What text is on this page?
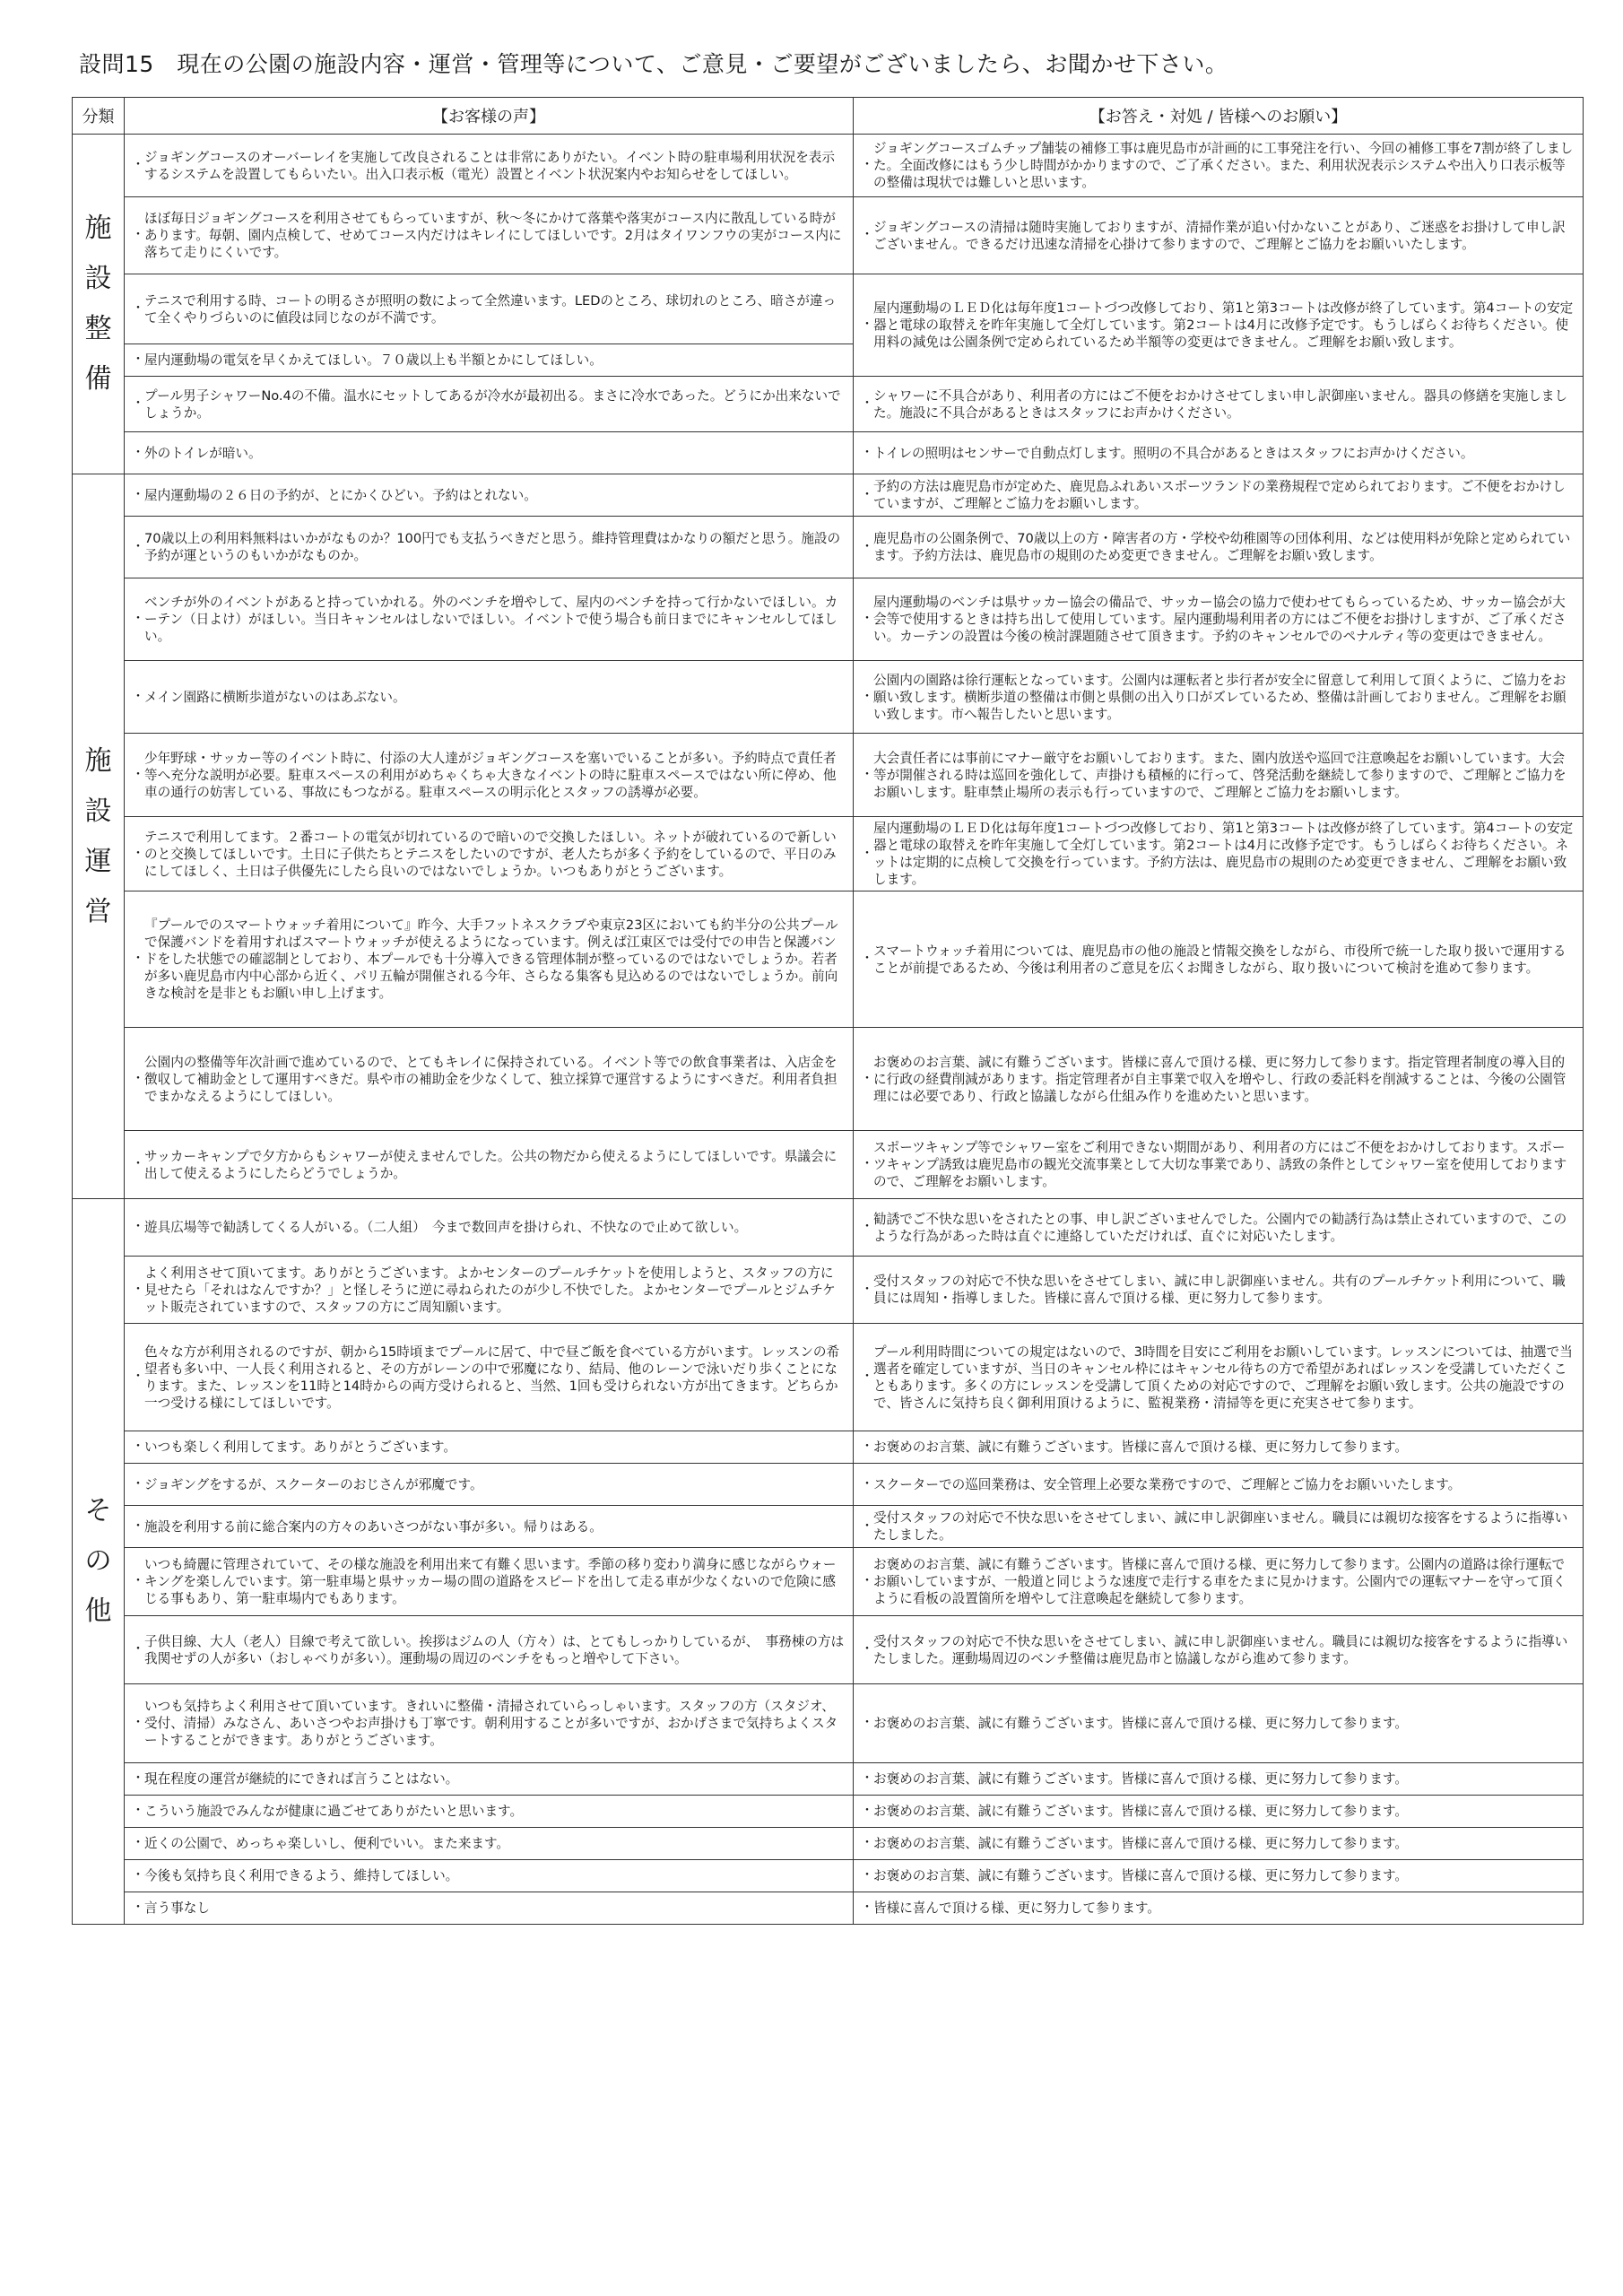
設問15　現在の公園の施設内容・運営・管理等について、ご意見・ご要望がございましたら、お聞かせ下さい。
分類	【お客様の声】	【お答え・対処 / 皆様へのお願い】

施設整備	・
ジョギングコースのオーバーレイを実施して改良されることは非常にありがたい。イベント時の駐車場利用状況を表示するシステムを設置してもらいたい。出入口表示板（電光）設置とイベント状況案内やお知らせをしてほしい。	・
ジョギングコースゴムチップ舗装の補修工事は鹿児島市が計画的に工事発注を行い、今回の補修工事を7割が終了しました。全面改修にはもう少し時間がかかりますので、ご了承ください。また、利用状況表示システムや出入り口表示板等の整備は現状では難しいと思います。

	・
ほぼ毎日ジョギングコースを利用させてもらっていますが、秋～冬にかけて落葉や落実がコース内に散乱している時があります。毎朝、園内点検して、せめてコース内だけはキレイにしてほしいです。2月はタイワンフウの実がコース内に落ちて走りにくいです。	・
ジョギングコースの清掃は随時実施しておりますが、清掃作業が追い付かないことがあり、ご迷惑をお掛けして申し訳ございません。できるだけ迅速な清掃を心掛けて参りますので、ご理解とご協力をお願いいたします。

	・
テニスで利用する時、コートの明るさが照明の数によって全然違います。LEDのところ、球切れのところ、暗さが違って全くやりづらいのに値段は同じなのが不満です。	・
屋内運動場のＬＥＤ化は毎年度1コートづつ改修しており、第1と第3コートは改修が終了しています。第4コートの安定器と電球の取替えを昨年実施して全灯しています。第2コートは4月に改修予定です。もうしばらくお待ちください。使用料の減免は公園条例で定められているため半額等の変更はできません。ご理解をお願い致します。

	・ 屋内運動場の電気を早くかえてほしい。７０歳以上も半額とかにしてほしい。	

	・
プール男子シャワーNo.4の不備。温水にセットしてあるが冷水が最初出る。まさに冷水であった。どうにか出来ないでしょうか。	・
シャワーに不具合があり、利用者の方にはご不便をおかけさせてしまい申し訳御座いません。器具の修繕を実施しました。施設に不具合があるときはスタッフにお声かけください。

	・ 外のトイレが暗い。	・ トイレの照明はセンサーで自動点灯します。照明の不具合があるときはスタッフにお声かけください。

施設運営	・ 屋内運動場の２６日の予約が、とにかくひどい。予約はとれない。	・
予約の方法は鹿児島市が定めた、鹿児島ふれあいスポーツランドの業務規程で定められております。ご不便をおかけしていますが、ご理解とご協力をお願いします。

	・
70歳以上の利用料無料はいかがなものか？100円でも支払うべきだと思う。維持管理費はかなりの額だと思う。施設の予約が運というのもいかがなものか。	・
鹿児島市の公園条例で、70歳以上の方・障害者の方・学校や幼稚園等の団体利用、などは使用料が免除と定められています。予約方法は、鹿児島市の規則のため変更できません。ご理解をお願い致します。

	・
ベンチが外のイベントがあると持っていかれる。外のベンチを増やして、屋内のベンチを持って行かないでほしい。カーテン（日よけ）がほしい。当日キャンセルはしないでほしい。イベントで使う場合も前日までにキャンセルしてほしい。	・
屋内運動場のベンチは県サッカー協会の備品で、サッカー協会の協力で使わせてもらっているため、サッカー協会が大会等で使用するときは持ち出して使用しています。屋内運動場利用者の方にはご不便をお掛けしますが、ご了承ください。カーテンの設置は今後の検討課題随させて頂きます。予約のキャンセルでのペナルティ等の変更はできません。

	・ メイン園路に横断歩道がないのはあぶない。	・
公園内の園路は徐行運転となっています。公園内は運転者と歩行者が安全に留意して利用して頂くように、ご協力をお願い致します。横断歩道の整備は市側と県側の出入り口がズレているため、整備は計画しておりません。ご理解をお願い致します。市へ報告したいと思います。

	・
少年野球・サッカー等のイベント時に、付添の大人達がジョギングコースを塞いでいることが多い。予約時点で責任者等へ充分な説明が必要。駐車スペースの利用がめちゃくちゃ大きなイベントの時に駐車スペースではない所に停め、他車の通行の妨害している、事故にもつながる。駐車スペースの明示化とスタッフの誘導が必要。	・
大会責任者には事前にマナー厳守をお願いしております。また、園内放送や巡回で注意喚起をお願いしています。大会等が開催される時は巡回を強化して、声掛けも積極的に行って、啓発活動を継続して参りますので、ご理解とご協力をお願いします。駐車禁止場所の表示も行っていますので、ご理解とご協力をお願いします。

	・
テニスで利用してます。２番コートの電気が切れているので暗いので交換したほしい。ネットが破れているので新しいのと交換してほしいです。土日に子供たちとテニスをしたいのですが、老人たちが多く予約をしているので、平日のみにしてほしく、土日は子供優先にしたら良いのではないでしょうか。いつもありがとうございます。	・
屋内運動場のＬＥＤ化は毎年度1コートづつ改修しており、第1と第3コートは改修が終了しています。第4コートの安定器と電球の取替えを昨年実施して全灯しています。第2コートは4月に改修予定です。もうしばらくお待ちください。ネットは定期的に点検して交換を行っています。予約方法は、鹿児島市の規則のため変更できません、ご理解をお願い致します。

	・
『プールでのスマートウォッチ着用について』昨今、大手フットネスクラブや東京23区においても約半分の公共プールで保護バンドを着用すればスマートウォッチが使えるようになっています。例えば江東区では受付での申告と保護バンドをした状態での確認制としており、本プールでも十分導入できる管理体制が整っているのではないでしょうか。若者が多い鹿児島市内中心部から近く、パリ五輪が開催される今年、さらなる集客も見込めるのではないでしょうか。前向きな検討を是非ともお願い申し上げます。	・
スマートウォッチ着用については、鹿児島市の他の施設と情報交換をしながら、市役所で統一した取り扱いで運用することが前提であるため、今後は利用者のご意見を広くお聞きしながら、取り扱いについて検討を進めて参ります。

	・
公園内の整備等年次計画で進めているので、とてもキレイに保持されている。イベント等での飲食事業者は、入店金を徴収して補助金として運用すべきだ。県や市の補助金を少なくして、独立採算で運営するようにすべきだ。利用者負担でまかなえるようにしてほしい。	・
お褒めのお言葉、誠に有難うございます。皆様に喜んで頂ける様、更に努力して参ります。指定管理者制度の導入目的に行政の経費削減があります。指定管理者が自主事業で収入を増やし、行政の委託料を削減することは、今後の公園管理には必要であり、行政と協議しながら仕組み作りを進めたいと思います。

	・
サッカーキャンプで夕方からもシャワーが使えませんでした。公共の物だから使えるようにしてほしいです。県議会に出して使えるようにしたらどうでしょうか。	・
スポーツキャンプ等でシャワー室をご利用できない期間があり、利用者の方にはご不便をおかけしております。スポーツキャンプ誘致は鹿児島市の観光交流事業として大切な事業であり、誘致の条件としてシャワー室を使用しておりますので、ご理解をお願いします。

その他	・ 遊具広場等で勧誘してくる人がいる。（二人組）　今まで数回声を掛けられ、不快なので止めて欲しい。	・
勧誘でご不快な思いをされたとの事、申し訳ございませんでした。公園内での勧誘行為は禁止されていますので、このような行為があった時は直ぐに連絡していただければ、直ぐに対応いたします。

	・
よく利用させて頂いてます。ありがとうございます。よかセンターのプールチケットを使用しようと、スタッフの方に見せたら「それはなんですか？」と怪しそうに逆に尋ねられたのが少し不快でした。よかセンターでプールとジムチケット販売されていますので、スタッフの方にご周知願います。	・
受付スタッフの対応で不快な思いをさせてしまい、誠に申し訳御座いません。共有のプールチケット利用について、職員には周知・指導しました。皆様に喜んで頂ける様、更に努力して参ります。

	・
色々な方が利用されるのですが、朝から15時頃までプールに居て、中で昼ご飯を食べている方がいます。レッスンの希望者も多い中、一人長く利用されると、その方がレーンの中で邪魔になり、結局、他のレーンで泳いだり歩くことになります。また、レッスンを11時と14時からの両方受けられると、当然、1回も受けられない方が出てきます。どちらか一つ受ける様にしてほしいです。	・
プール利用時間についての規定はないので、3時間を目安にご利用をお願いしています。レッスンについては、抽選で当選者を確定していますが、当日のキャンセル枠にはキャンセル待ちの方で希望があればレッスンを受講していただくこともあります。多くの方にレッスンを受講して頂くための対応ですので、ご理解をお願い致します。公共の施設ですので、皆さんに気持ち良く御利用頂けるように、監視業務・清掃等を更に充実させて参ります。

	・ いつも楽しく利用してます。ありがとうございます。	・ お褒めのお言葉、誠に有難うございます。皆様に喜んで頂ける様、更に努力して参ります。

	・ ジョギングをするが、スクーターのおじさんが邪魔です。	・ スクーターでの巡回業務は、安全管理上必要な業務ですので、ご理解とご協力をお願いいたします。

	・ 施設を利用する前に総合案内の方々のあいさつがない事が多い。帰りはある。	・
受付スタッフの対応で不快な思いをさせてしまい、誠に申し訳御座いません。職員には親切な接客をするように指導いたしました。

	・
いつも綺麗に管理されていて、その様な施設を利用出来て有難く思います。季節の移り変わり満身に感じながらウォーキングを楽しんでいます。第一駐車場と県サッカー場の間の道路をスピードを出して走る車が少なくないので危険に感じる事もあり、第一駐車場内でもあります。	・
お褒めのお言葉、誠に有難うございます。皆様に喜んで頂ける様、更に努力して参ります。公園内の道路は徐行運転でお願いしていますが、一般道と同じような速度で走行する車をたまに見かけます。公園内での運転マナーを守って頂くように看板の設置箇所を増やして注意喚起を継続して参ります。

	・
子供目線、大人（老人）目線で考えて欲しい。挨拶はジムの人（方々）は、とてもしっかりしているが、　事務棟の方は我関せずの人が多い（おしゃべりが多い）。運動場の周辺のベンチをもっと増やして下さい。	・
受付スタッフの対応で不快な思いをさせてしまい、誠に申し訳御座いません。職員には親切な接客をするように指導いたしました。運動場周辺のベンチ整備は鹿児島市と協議しながら進めて参ります。

	・
いつも気持ちよく利用させて頂いています。きれいに整備・清掃されていらっしゃいます。スタッフの方（スタジオ、受付、清掃）みなさん、あいさつやお声掛けも丁寧です。朝利用することが多いですが、おかげさまで気持ちよくスタートすることができます。ありがとうございます。	・ お褒めのお言葉、誠に有難うございます。皆様に喜んで頂ける様、更に努力して参ります。

	・ 現在程度の運営が継続的にできれば言うことはない。	・ お褒めのお言葉、誠に有難うございます。皆様に喜んで頂ける様、更に努力して参ります。

	・ こういう施設でみんなが健康に過ごせてありがたいと思います。	・ お褒めのお言葉、誠に有難うございます。皆様に喜んで頂ける様、更に努力して参ります。

	・ 近くの公園で、めっちゃ楽しいし、便利でいい。また来ます。	・ お褒めのお言葉、誠に有難うございます。皆様に喜んで頂ける様、更に努力して参ります。

	・ 今後も気持ち良く利用できるよう、維持してほしい。	・ お褒めのお言葉、誠に有難うございます。皆様に喜んで頂ける様、更に努力して参ります。

	・ 言う事なし	・ 皆様に喜んで頂ける様、更に努力して参ります。
